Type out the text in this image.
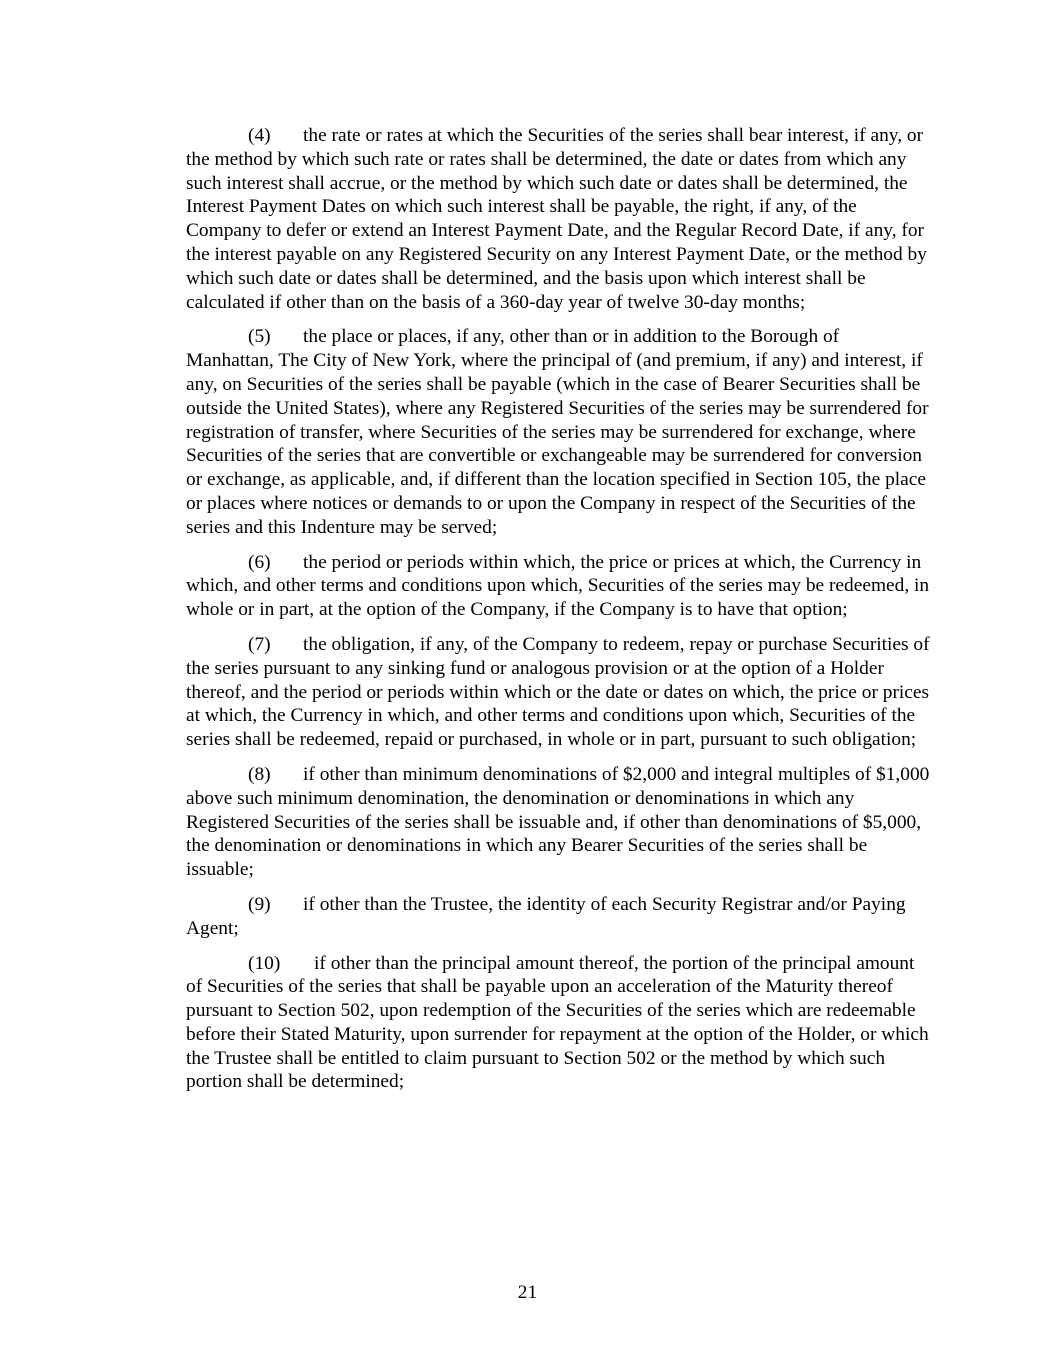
(4) the rate or rates at which the Securities of the series shall bear interest, if any, or the method by which such rate or rates shall be determined, the date or dates from which any such interest shall accrue, or the method by which such date or dates shall be determined, the Interest Payment Dates on which such interest shall be payable, the right, if any, of the Company to defer or extend an Interest Payment Date, and the Regular Record Date, if any, for the interest payable on any Registered Security on any Interest Payment Date, or the method by which such date or dates shall be determined, and the basis upon which interest shall be calculated if other than on the basis of a 360-day year of twelve 30-day months;

(5) the place or places, if any, other than or in addition to the Borough of Manhattan, The City of New York, where the principal of (and premium, if any) and interest, if any, on Securities of the series shall be payable (which in the case of Bearer Securities shall be outside the United States), where any Registered Securities of the series may be surrendered for registration of transfer, where Securities of the series may be surrendered for exchange, where Securities of the series that are convertible or exchangeable may be surrendered for conversion or exchange, as applicable, and, if different than the location specified in Section 105, the place or places where notices or demands to or upon the Company in respect of the Securities of the series and this Indenture may be served;

(6) the period or periods within which, the price or prices at which, the Currency in which, and other terms and conditions upon which, Securities of the series may be redeemed, in whole or in part, at the option of the Company, if the Company is to have that option;

(7) the obligation, if any, of the Company to redeem, repay or purchase Securities of the series pursuant to any sinking fund or analogous provision or at the option of a Holder thereof, and the period or periods within which or the date or dates on which, the price or prices at which, the Currency in which, and other terms and conditions upon which, Securities of the series shall be redeemed, repaid or purchased, in whole or in part, pursuant to such obligation;

(8) if other than minimum denominations of $2,000 and integral multiples of $1,000 above such minimum denomination, the denomination or denominations in which any Registered Securities of the series shall be issuable and, if other than denominations of $5,000, the denomination or denominations in which any Bearer Securities of the series shall be issuable;

(9) if other than the Trustee, the identity of each Security Registrar and/or Paying Agent;

(10) if other than the principal amount thereof, the portion of the principal amount of Securities of the series that shall be payable upon an acceleration of the Maturity thereof pursuant to Section 502, upon redemption of the Securities of the series which are redeemable before their Stated Maturity, upon surrender for repayment at the option of the Holder, or which the Trustee shall be entitled to claim pursuant to Section 502 or the method by which such portion shall be determined;

21
